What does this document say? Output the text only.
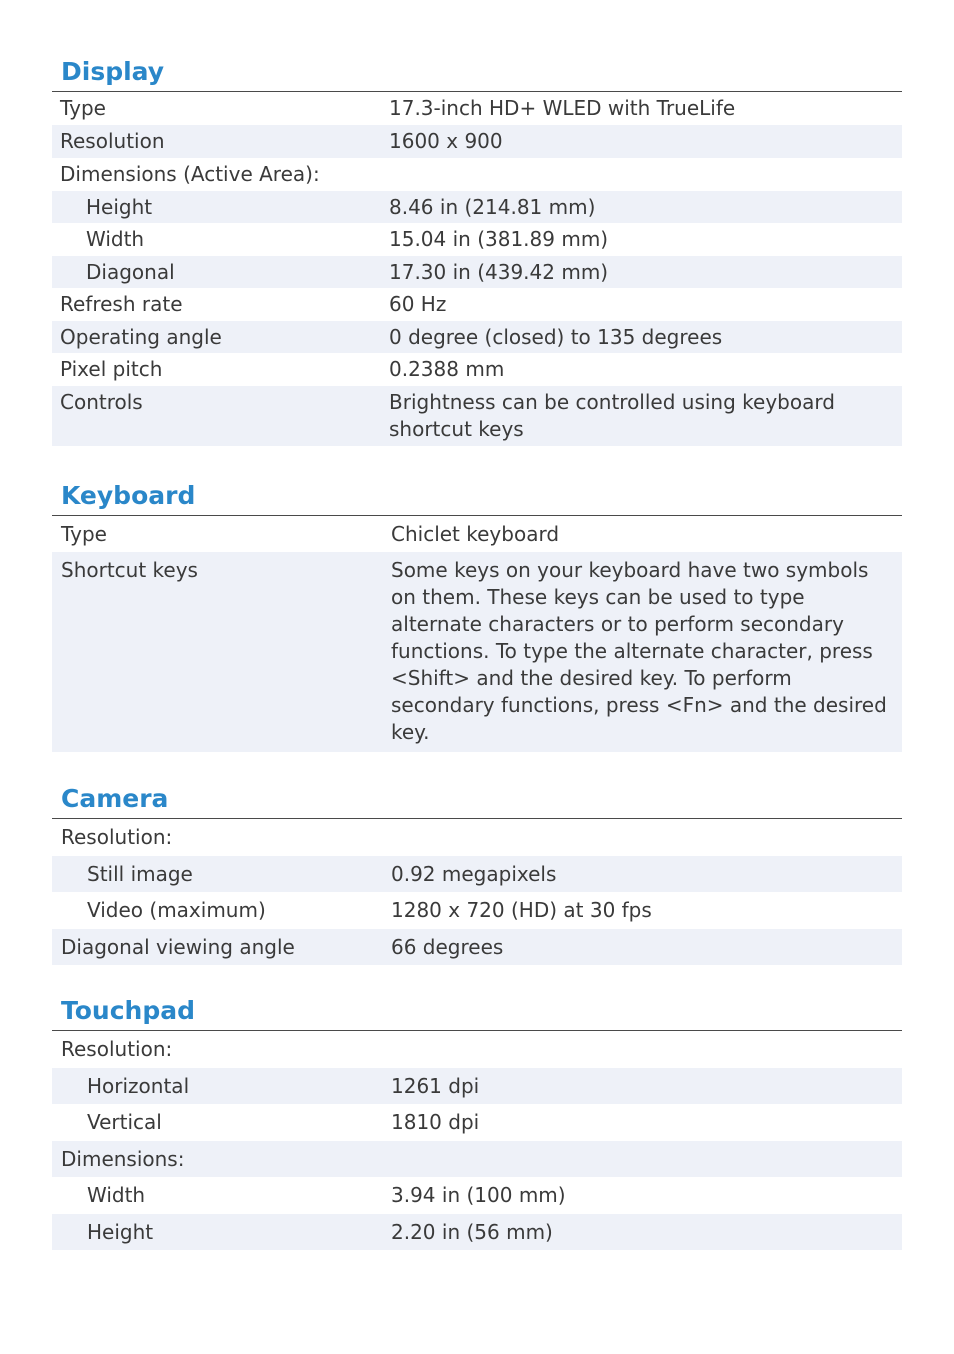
Display
Type	17.3-inch HD+ WLED with TrueLife
Resolution	1600 x 900
Dimensions (Active Area):
Height	8.46 in (214.81 mm)
Width	15.04 in (381.89 mm)
Diagonal	17.30 in (439.42 mm)
Refresh rate	60 Hz
Operating angle	0 degree (closed) to 135 degrees
Pixel pitch	0.2388 mm
Controls	Brightness can be controlled using keyboard shortcut keys
Keyboard
Type	Chiclet keyboard
Shortcut keys	Some keys on your keyboard have two symbols on them. These keys can be used to type alternate characters or to perform secondary functions. To type the alternate character, press <Shift> and the desired key. To perform secondary functions, press <Fn> and the desired key.
Camera
Resolution:
Still image	0.92 megapixels
Video (maximum)	1280 x 720 (HD) at 30 fps
Diagonal viewing angle	66 degrees
Touchpad
Resolution:
Horizontal	1261 dpi
Vertical	1810 dpi
Dimensions:
Width	3.94 in (100 mm)
Height	2.20 in (56 mm)
